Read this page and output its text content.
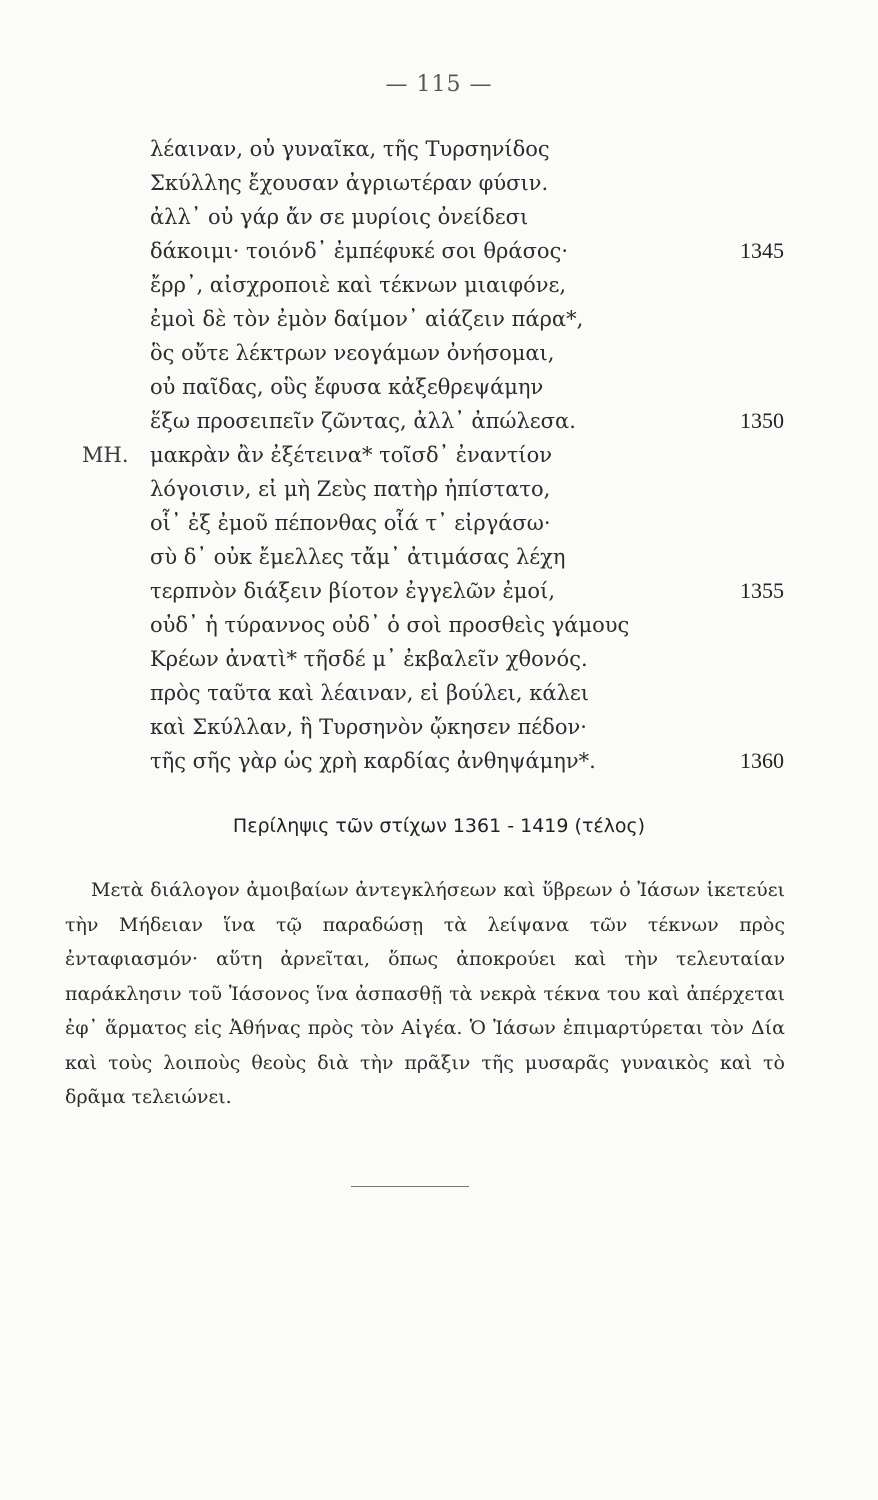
— 115 —
λέαιναν, οὐ γυναῖκα, τῆς Τυρσηνίδος
Σκύλλης ἔχουσαν ἀγριωτέραν φύσιν.
ἀλλ᾽ οὐ γάρ ἄν σε μυρίοις ὀνείδεσι
δάκοιμι· τοιόνδ᾽ ἐμπέφυκέ σοι θράσος·
ἔρρ᾽, αἰσχροποιὲ καὶ τέκνων μιαιφόνε,
ἐμοὶ δὲ τὸν ἐμὸν δαίμον᾽ αἰάζειν πάρα*,
ὃς οὔτε λέκτρων νεογάμων ὀνήσομαι,
οὐ παῖδας, οὓς ἔφυσα κἀξεθρεψάμην
ἕξω προσειπεῖν ζῶντας, ἀλλ᾽ ἀπώλεσα.
μακρὰν ἂν ἐξέτεινα* τοῖσδ᾽ ἐναντίον
λόγοισιν, εἰ μὴ Ζεὺς πατὴρ ἠπίστατο,
οἷ᾽ ἐξ ἐμοῦ πέπονθας οἷά τ᾽ εἰργάσω·
σὺ δ᾽ οὐκ ἔμελλες τἄμ᾽ ἀτιμάσας λέχη
τερπνὸν διάξειν βίοτον ἐγγελῶν ἐμοί,
οὐδ᾽ ἡ τύραννος οὐδ᾽ ὁ σοὶ προσθεὶς γάμους
Κρέων ἀνατὶ* τῆσδέ μ᾽ ἐκβαλεῖν χθονός.
πρὸς ταῦτα καὶ λέαιναν, εἰ βούλει, κάλει
καὶ Σκύλλαν, ἣ Τυρσηνὸν ᾤκησεν πέδον·
τῆς σῆς γὰρ ὡς χρὴ καρδίας ἀνθηψάμην*.
ΜΗ.
1345
1350
1355
1360
Περίληψις τῶν στίχων 1361 - 1419 (τέλος)
Μετὰ διάλογον ἀμοιβαίων ἀντεγκλήσεων καὶ ὕβρεων ὁ Ἰάσων ἱκετεύει τὴν Μήδειαν ἵνα τῷ παραδώσῃ τὰ λείψανα τῶν τέκνων πρὸς ἐνταφιασμόν· αὕτη ἀρνεῖται, ὅπως ἀποκρούει καὶ τὴν τελευταίαν παράκλησιν τοῦ Ἰάσονος ἵνα ἀσπασθῇ τὰ νεκρὰ τέκνα του καὶ ἀπέρχεται ἐφ᾽ ἅρματος εἰς Ἀθήνας πρὸς τὸν Αἰγέα. Ὁ Ἰάσων ἐπιμαρτύρεται τὸν Δία καὶ τοὺς λοιποὺς θεοὺς διὰ τὴν πρᾶξιν τῆς μυσαρᾶς γυναικὸς καὶ τὸ δρᾶμα τελειώνει.
